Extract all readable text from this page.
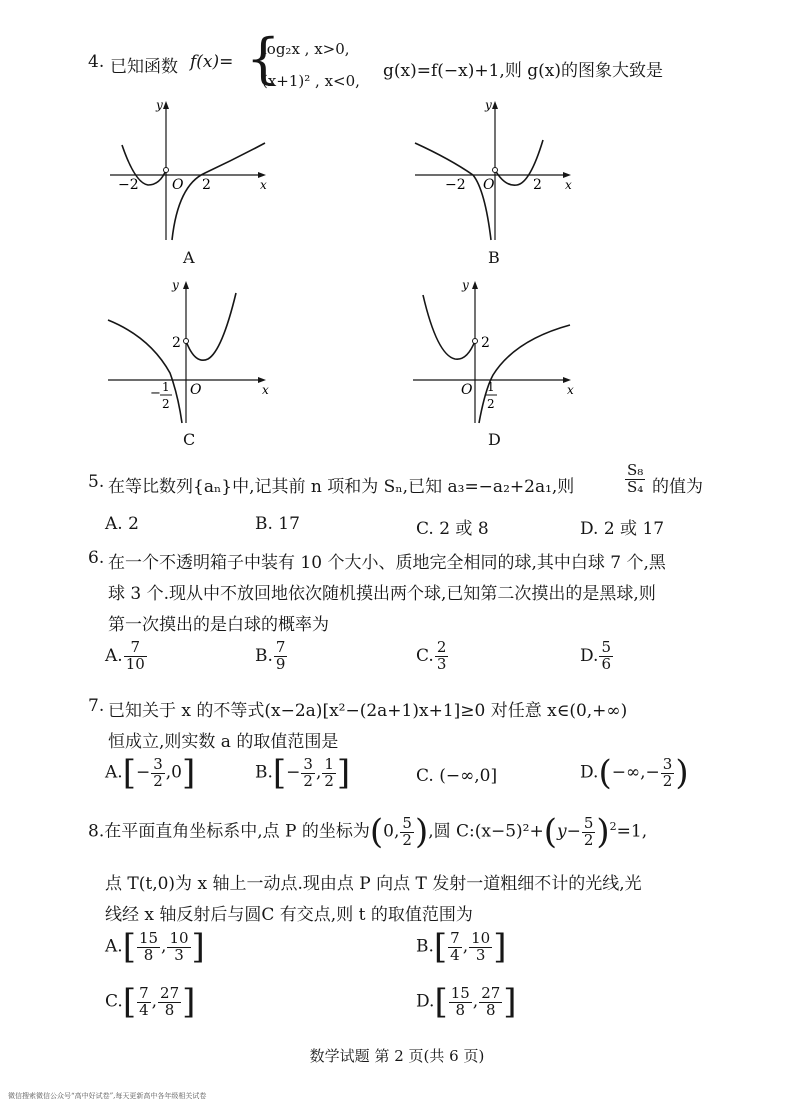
4. 已知函数 f(x)= {
log₂x , x>0,
(x+1)² , x<0, g(x)=f(−x)+1,则 g(x)的图象大致是
−2 O 2	x
y
A
−2 O	2 x
y
B
2
O
− 1
2
x
y
C
2
O 1
2
x
y
D
5. 在等比数列{aₙ}中,记其前 n 项和为 Sₙ,已知 a₃=−a₂+2a₁,则	$\frac{\text{S₈}}{\text{S₄}}$ 的值为
A. 2	B. 17	C. 2 或 8	D. 2 或 17
6. 在一个不透明箱子中装有 10 个大小、质地完全相同的球,其中白球 7 个,黑
球 3 个.现从中不放回地依次随机摸出两个球,已知第二次摸出的是黑球,则
第一次摸出的是白球的概率为
A. $\frac{7}{10}$	B. $\frac{7}{9}$	C. $\frac{2}{3}$	D. $\frac{5}{6}$
7. 已知关于 x 的不等式(x−2a)[x²−(2a+1)x+1]≥0 对任意 x∈(0,+∞)
恒成立,则实数 a 的取值范围是
$A.[- \frac{3}{2} ,0]$	$B.[- \frac{3}{2}$ , $\frac{1}{2}$ ]	C. (−∞,0]	$D.(-\infty,- \frac{3}{2}$ )
8.在平面直角坐标系中,点 P 的坐标为(0, $\frac{5}{2}$ ),圆 C:(x−5)²+(y− $\frac{5}{2} )^2=1$,
点 T(t,0)为 x 轴上一动点.现由点 P 向点 T 发射一道粗细不计的光线,光
线经 x 轴反射后与圆C 有交点,则 t 的取值范围为
$A.[ \frac{15}{8}$ , $\frac{10}{3}$ ]	$B.[ \frac{7}{4}$ , $\frac{10}{3}$ ]
$C.[ \frac{7}{4}$ , $\frac{27}{8}$ ]	$D.[ \frac{15}{8}$ , $\frac{27}{8}$ ]
数学试题 第 2 页(共 6 页)
微信搜索微信公众号“高中好试卷”,每天更新高中各年级相关试卷
